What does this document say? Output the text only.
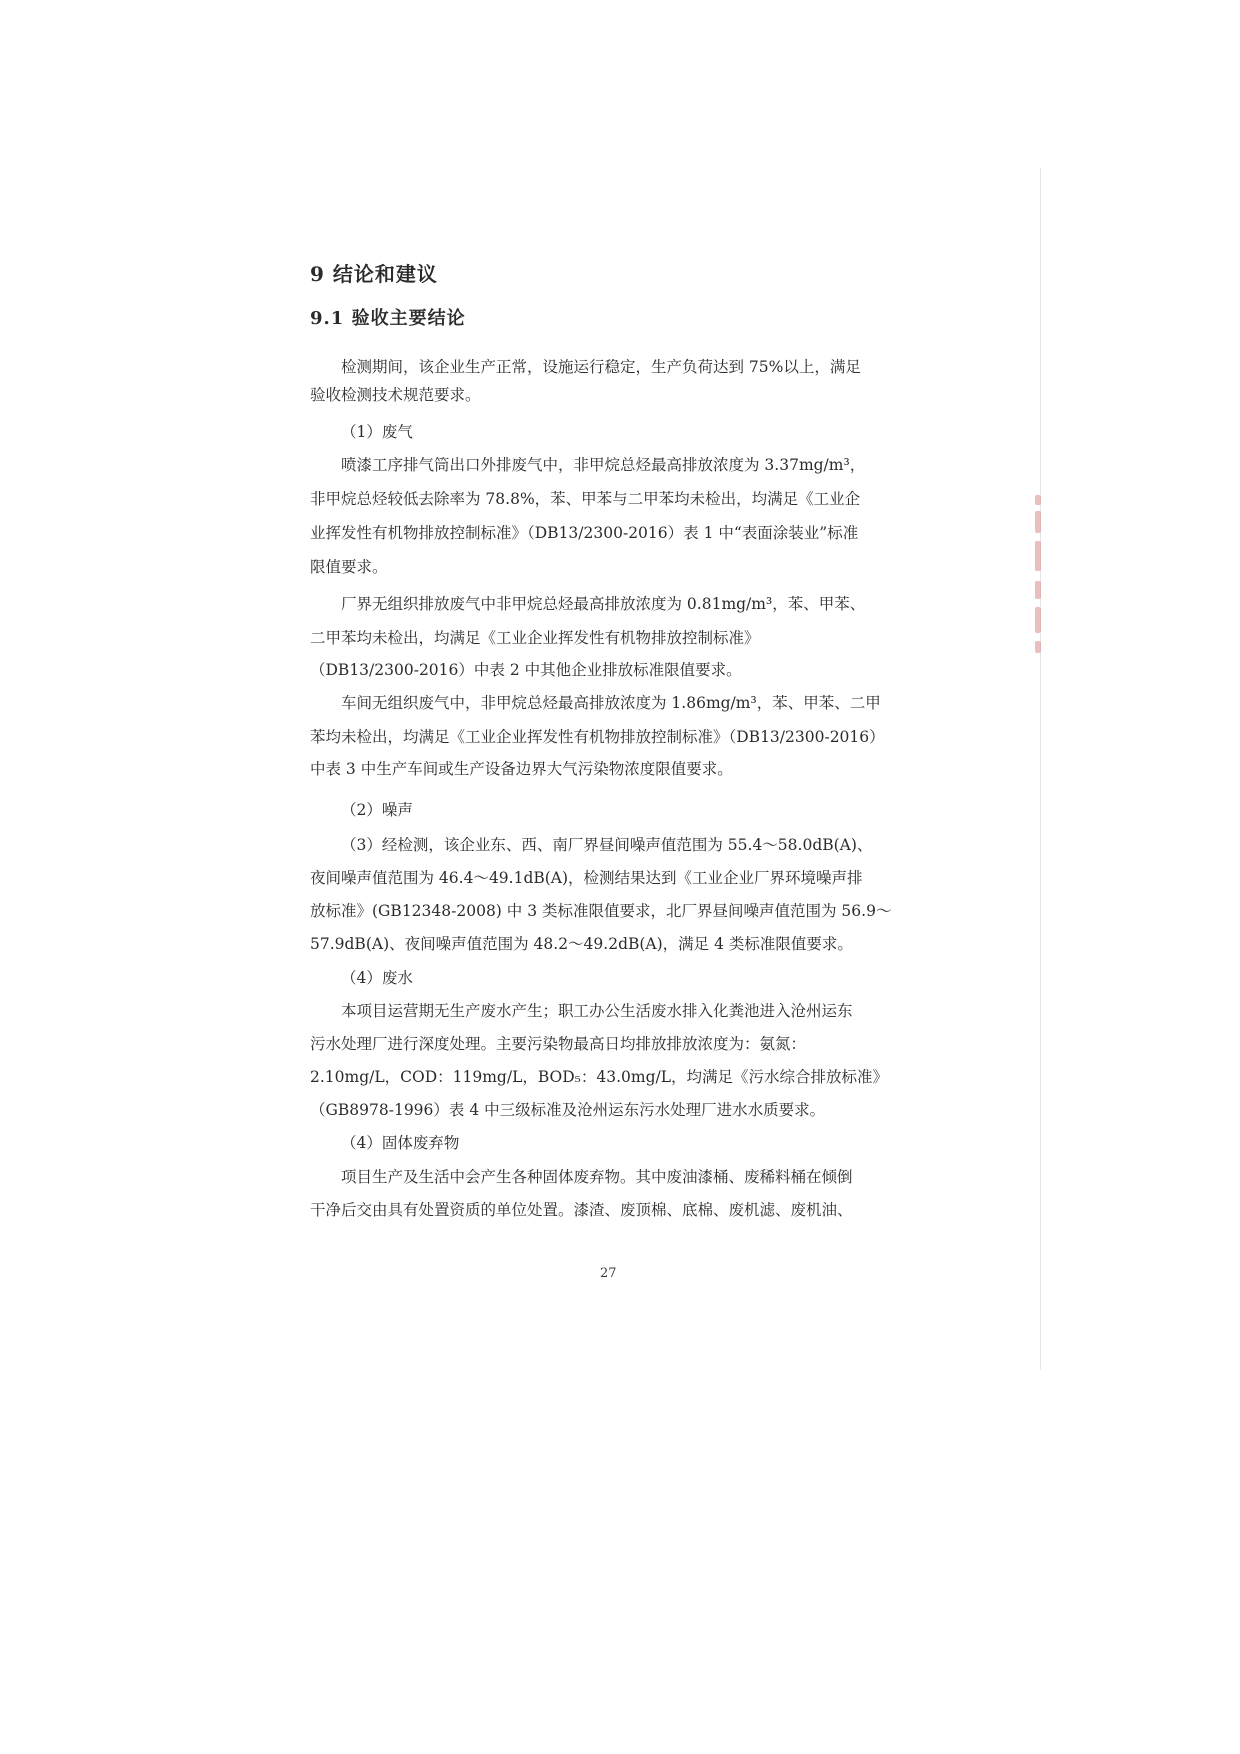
9 结论和建议
9.1 验收主要结论
检测期间，该企业生产正常，设施运行稳定，生产负荷达到 75%以上，满足
验收检测技术规范要求。
（1）废气
喷漆工序排气筒出口外排废气中，非甲烷总烃最高排放浓度为 3.37mg/m³，
非甲烷总烃较低去除率为 78.8%，苯、甲苯与二甲苯均未检出，均满足《工业企
业挥发性有机物排放控制标准》（DB13/2300-2016）表 1 中“表面涂装业”标准
限值要求。
厂界无组织排放废气中非甲烷总烃最高排放浓度为 0.81mg/m³，苯、甲苯、
二甲苯均未检出，均满足《工业企业挥发性有机物排放控制标准》
（DB13/2300-2016）中表 2 中其他企业排放标准限值要求。
车间无组织废气中，非甲烷总烃最高排放浓度为 1.86mg/m³，苯、甲苯、二甲
苯均未检出，均满足《工业企业挥发性有机物排放控制标准》（DB13/2300-2016）
中表 3 中生产车间或生产设备边界大气污染物浓度限值要求。
（2）噪声
（3）经检测，该企业东、西、南厂界昼间噪声值范围为 55.4～58.0dB(A)、
夜间噪声值范围为 46.4～49.1dB(A)，检测结果达到《工业企业厂界环境噪声排
放标准》(GB12348-2008) 中 3 类标准限值要求，北厂界昼间噪声值范围为 56.9～
57.9dB(A)、夜间噪声值范围为 48.2～49.2dB(A)，满足 4 类标准限值要求。
（4）废水
本项目运营期无生产废水产生；职工办公生活废水排入化粪池进入沧州运东
污水处理厂进行深度处理。主要污染物最高日均排放排放浓度为：氨氮：
2.10mg/L，COD：119mg/L，BOD₅：43.0mg/L，均满足《污水综合排放标准》
（GB8978-1996）表 4 中三级标准及沧州运东污水处理厂进水水质要求。
（4）固体废弃物
项目生产及生活中会产生各种固体废弃物。其中废油漆桶、废稀料桶在倾倒
干净后交由具有处置资质的单位处置。漆渣、废顶棉、底棉、废机滤、废机油、
27
